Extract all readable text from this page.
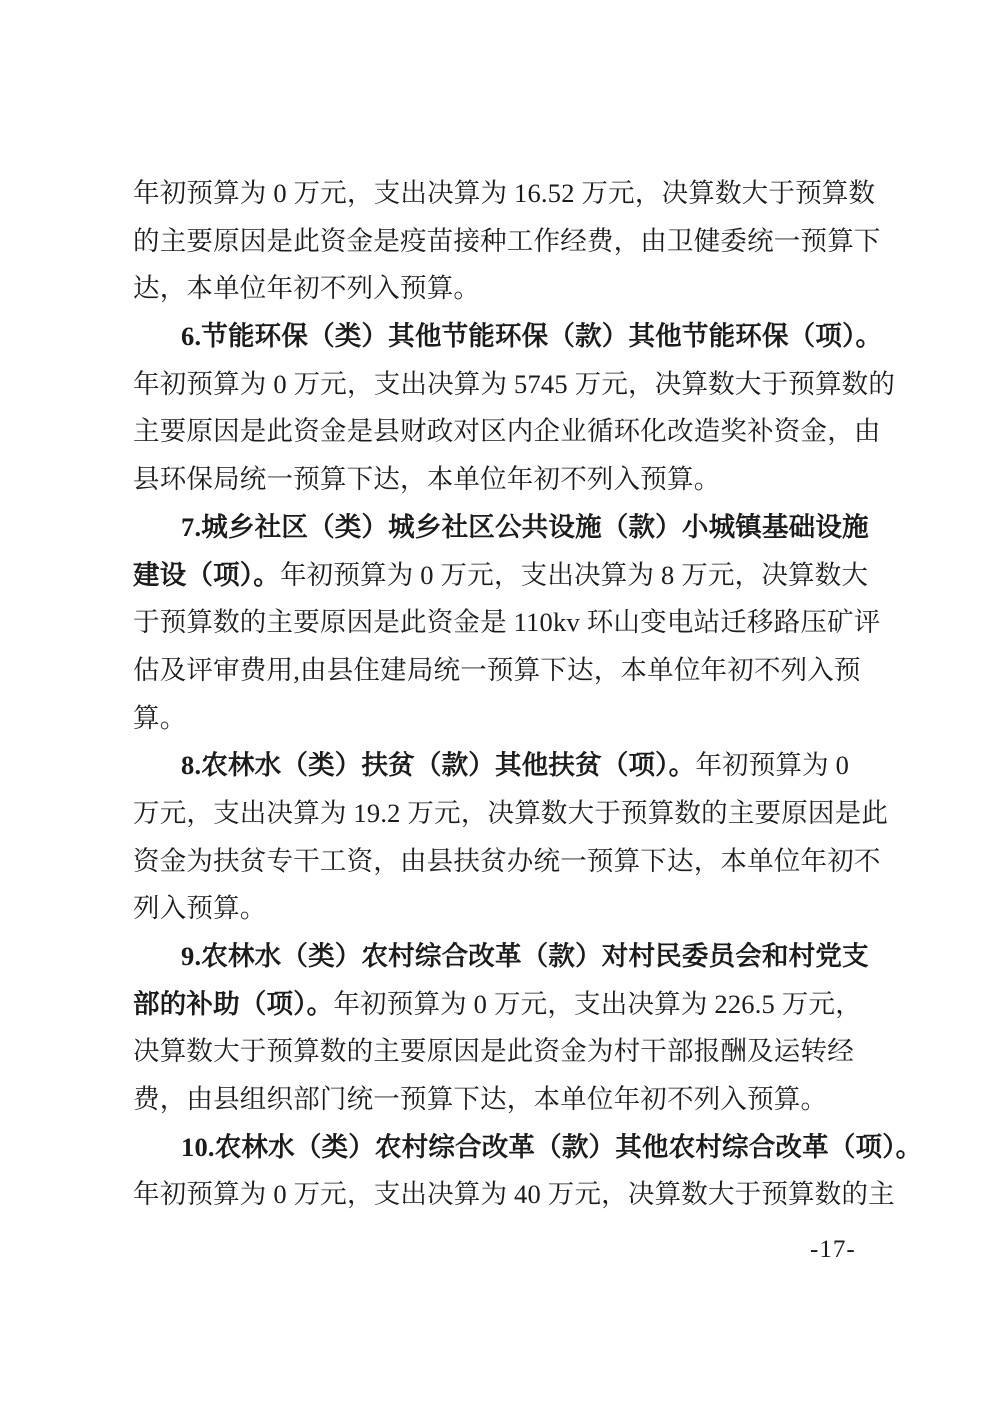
年初预算为 0 万元，支出决算为 16.52 万元，决算数大于预算数
的主要原因是此资金是疫苗接种工作经费，由卫健委统一预算下
达，本单位年初不列入预算。
6.节能环保（类）其他节能环保（款）其他节能环保（项）。
年初预算为 0 万元，支出决算为 5745 万元，决算数大于预算数的
主要原因是此资金是县财政对区内企业循环化改造奖补资金，由
县环保局统一预算下达，本单位年初不列入预算。
7.城乡社区（类）城乡社区公共设施（款）小城镇基础设施
建设（项）。年初预算为 0 万元，支出决算为 8 万元，决算数大
于预算数的主要原因是此资金是 110kv 环山变电站迁移路压矿评
估及评审费用,由县住建局统一预算下达，本单位年初不列入预
算。
8.农林水（类）扶贫（款）其他扶贫（项）。年初预算为 0
万元，支出决算为 19.2 万元，决算数大于预算数的主要原因是此
资金为扶贫专干工资，由县扶贫办统一预算下达，本单位年初不
列入预算。
9.农林水（类）农村综合改革（款）对村民委员会和村党支
部的补助（项）。年初预算为 0 万元，支出决算为 226.5 万元，
决算数大于预算数的主要原因是此资金为村干部报酬及运转经
费，由县组织部门统一预算下达，本单位年初不列入预算。
10.农林水（类）农村综合改革（款）其他农村综合改革（项）。
年初预算为 0 万元，支出决算为 40 万元，决算数大于预算数的主
-17-
